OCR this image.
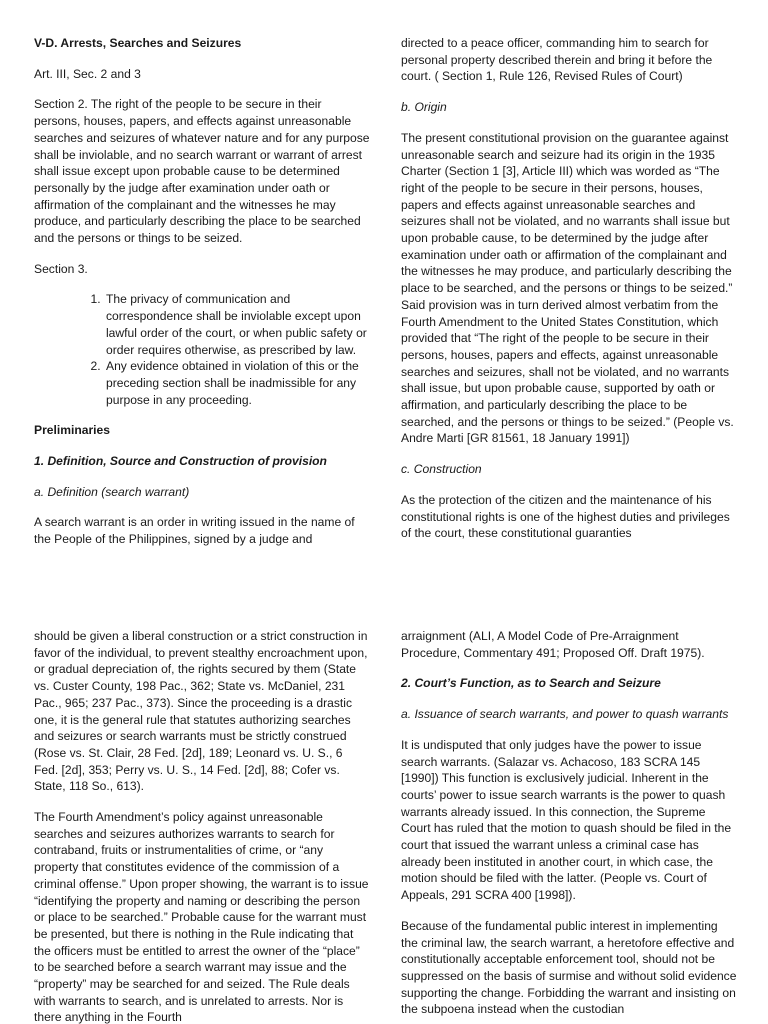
V-D. Arrests, Searches and Seizures

Art. III, Sec. 2 and 3

Section 2. The right of the people to be secure in their persons, houses, papers, and effects against unreasonable searches and seizures of whatever nature and for any purpose shall be inviolable, and no search warrant or warrant of arrest shall issue except upon probable cause to be determined personally by the judge after examination under oath or affirmation of the complainant and the witnesses he may produce, and particularly describing the place to be searched and the persons or things to be seized.

Section 3.

1. The privacy of communication and correspondence shall be inviolable except upon lawful order of the court, or when public safety or order requires otherwise, as prescribed by law.
2. Any evidence obtained in violation of this or the preceding section shall be inadmissible for any purpose in any proceeding.

Preliminaries

1. Definition, Source and Construction of provision

a. Definition (search warrant)

A search warrant is an order in writing issued in the name of the People of the Philippines, signed by a judge and

directed to a peace officer, commanding him to search for personal property described therein and bring it before the court. ( Section 1, Rule 126, Revised Rules of Court)

b. Origin

The present constitutional provision on the guarantee against unreasonable search and seizure had its origin in the 1935 Charter (Section 1 [3], Article III) which was worded as “The right of the people to be secure in their persons, houses, papers and effects against unreasonable searches and seizures shall not be violated, and no warrants shall issue but upon probable cause, to be determined by the judge after examination under oath or affirmation of the complainant and the witnesses he may produce, and particularly describing the place to be searched, and the persons or things to be seized.” Said provision was in turn derived almost verbatim from the Fourth Amendment to the United States Constitution, which provided that “The right of the people to be secure in their persons, houses, papers and effects, against unreasonable searches and seizures, shall not be violated, and no warrants shall issue, but upon probable cause, supported by oath or affirmation, and particularly describing the place to be searched, and the persons or things to be seized.” (People vs. Andre Marti [GR 81561, 18 January 1991])

c. Construction

As the protection of the citizen and the maintenance of his constitutional rights is one of the highest duties and privileges of the court, these constitutional guaranties

should be given a liberal construction or a strict construction in favor of the individual, to prevent stealthy encroachment upon, or gradual depreciation of, the rights secured by them (State vs. Custer County, 198 Pac., 362; State vs. McDaniel, 231 Pac., 965; 237 Pac., 373). Since the proceeding is a drastic one, it is the general rule that statutes authorizing searches and seizures or search warrants must be strictly construed (Rose vs. St. Clair, 28 Fed. [2d], 189; Leonard vs. U. S., 6 Fed. [2d], 353; Perry vs. U. S., 14 Fed. [2d], 88; Cofer vs. State, 118 So., 613).

The Fourth Amendment’s policy against unreasonable searches and seizures authorizes warrants to search for contraband, fruits or instrumentalities of crime, or “any property that constitutes evidence of the commission of a criminal offense.” Upon proper showing, the warrant is to issue “identifying the property and naming or describing the person or place to be searched.” Probable cause for the warrant must be presented, but there is nothing in the Rule indicating that the officers must be entitled to arrest the owner of the “place” to be searched before a search warrant may issue and the “property” may be searched for and seized. The Rule deals with warrants to search, and is unrelated to arrests. Nor is there anything in the Fourth

arraignment (ALI, A Model Code of Pre-Arraignment Procedure, Commentary 491; Proposed Off. Draft 1975).

2. Court’s Function, as to Search and Seizure

a. Issuance of search warrants, and power to quash warrants

It is undisputed that only judges have the power to issue search warrants. (Salazar vs. Achacoso, 183 SCRA 145 [1990]) This function is exclusively judicial. Inherent in the courts’ power to issue search warrants is the power to quash warrants already issued. In this connection, the Supreme Court has ruled that the motion to quash should be filed in the court that issued the warrant unless a criminal case has already been instituted in another court, in which case, the motion should be filed with the latter. (People vs. Court of Appeals, 291 SCRA 400 [1998]).

Because of the fundamental public interest in implementing the criminal law, the search warrant, a heretofore effective and constitutionally acceptable enforcement tool, should not be suppressed on the basis of surmise and without solid evidence supporting the change. Forbidding the warrant and insisting on the subpoena instead when the custodian
